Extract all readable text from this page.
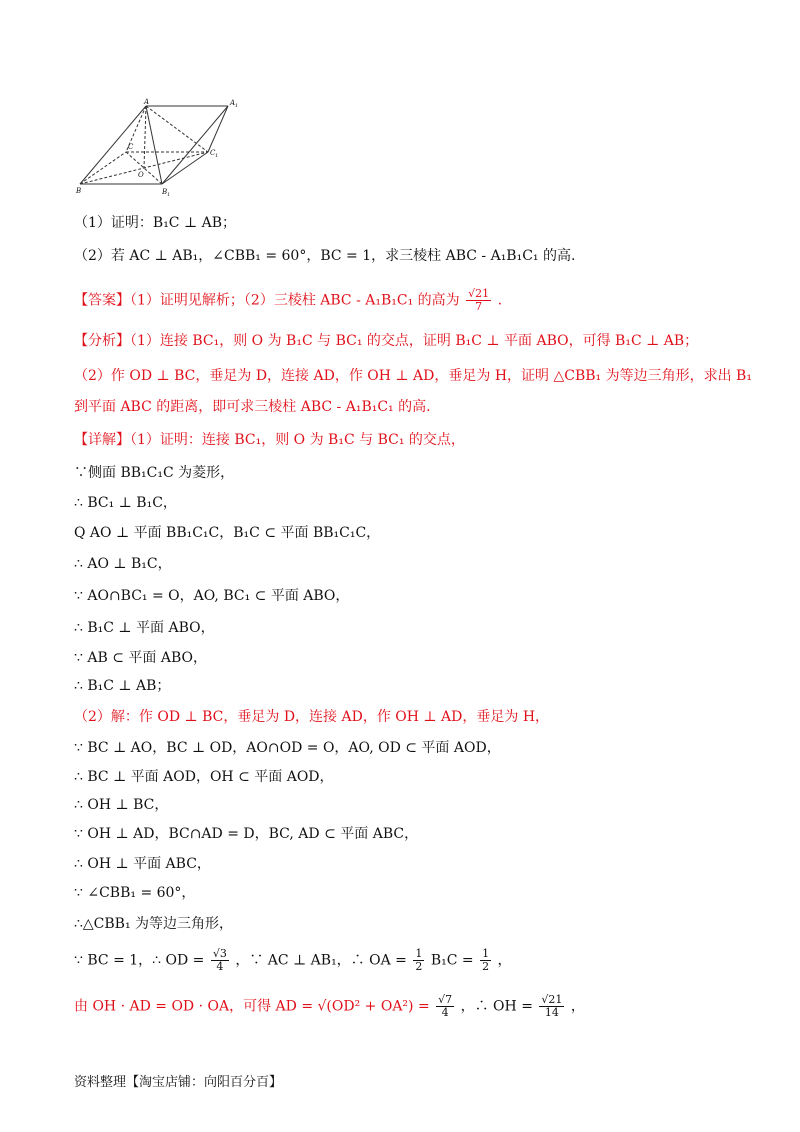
A	A 1
C
C 1
O
B	B 1
（1）证明：B₁C ⊥ AB；
（2）若 AC ⊥ AB₁，∠CBB₁ = 60°，BC = 1，求三棱柱 ABC - A₁B₁C₁ 的高.
【答案】（1）证明见解析；（2）三棱柱 ABC - A₁B₁C₁ 的高为 $\frac{√21}{7}$ .
【分析】（1）连接 BC₁，则 O 为 B₁C 与 BC₁ 的交点，证明 B₁C ⊥ 平面 ABO，可得 B₁C ⊥ AB；
（2）作 OD ⊥ BC，垂足为 D，连接 AD，作 OH ⊥ AD，垂足为 H，证明 △CBB₁ 为等边三角形，求出 B₁
到平面 ABC 的距离，即可求三棱柱 ABC - A₁B₁C₁ 的高.
【详解】（1）证明：连接 BC₁，则 O 为 B₁C 与 BC₁ 的交点，
∵侧面 BB₁C₁C 为菱形，
∴ BC₁ ⊥ B₁C，
Q AO ⊥ 平面 BB₁C₁C，B₁C ⊂ 平面 BB₁C₁C，
∴ AO ⊥ B₁C，
∵ AO∩BC₁ = O，AO, BC₁ ⊂ 平面 ABO，
∴ B₁C ⊥ 平面 ABO，
∵ AB ⊂ 平面 ABO，
∴ B₁C ⊥ AB；
（2）解：作 OD ⊥ BC，垂足为 D，连接 AD，作 OH ⊥ AD，垂足为 H，
∵ BC ⊥ AO，BC ⊥ OD，AO∩OD = O，AO, OD ⊂ 平面 AOD，
∴ BC ⊥ 平面 AOD，OH ⊂ 平面 AOD，
∴ OH ⊥ BC，
∵ OH ⊥ AD，BC∩AD = D，BC, AD ⊂ 平面 ABC，
∴ OH ⊥ 平面 ABC，
∵ ∠CBB₁ = 60°，
∴△CBB₁ 为等边三角形，
∵ BC = 1，∴ OD = $\frac{√3}{4}$ ，∵ AC ⊥ AB₁，∴ OA = $\frac{1}{2} B_1C = \frac{1}{2}$ ，
由 OH · AD = OD · OA，可得 AD = $√(OD^2 + OA^2) = \frac{√7}{4}$ ，∴ OH = $\frac{√21}{14}$ ，
资料整理【淘宝店铺：向阳百分百】
